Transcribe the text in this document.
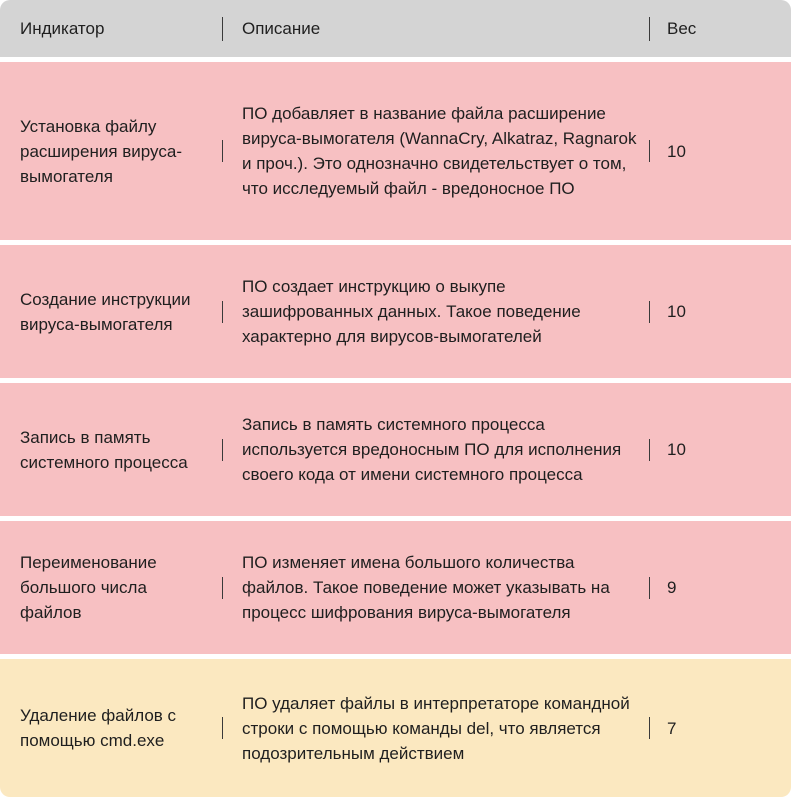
Индикатор	Описание	Вес
Установка файлу расширения вируса-вымогателя
ПО добавляет в название файла расширение вируса-вымогателя (WannaCry, Alkatraz, Ragnarok и проч.). Это однозначно свидетельствует о том, что исследуемый файл - вредоносное ПО
10
Создание инструкции вируса-вымогателя
ПО создает инструкцию о выкупе зашифрованных данных. Такое поведение характерно для вирусов-вымогателей
10
Запись в память системного процесса
Запись в память системного процесса используется вредоносным ПО для исполнения своего кода от имени системного процесса
10
Переименование большого числа файлов
ПО изменяет имена большого количества файлов. Такое поведение может указывать на процесс шифрования вируса-вымогателя
9
Удаление файлов с помощью cmd.exe
ПО удаляет файлы в интерпретаторе командной строки с помощью команды del, что является подозрительным действием
7
